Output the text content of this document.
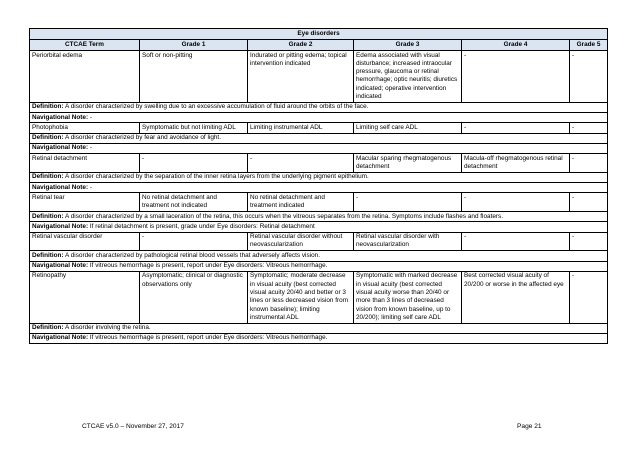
Eye disorders					
CTCAE Term	Grade 1	Grade 2	Grade 3	Grade 4	Grade 5
Periorbital edema	Soft or non-pitting	Indurated or pitting edema; topical intervention indicated	Edema associated with visual disturbance; increased intraocular pressure, glaucoma or retinal hemorrhage; optic neuritis; diuretics indicated; operative intervention indicated	-	-
Definition: A disorder characterized by swelling due to an excessive accumulation of fluid around the orbits of the face.					
Navigational Note: -					
Photophobia	Symptomatic but not limiting ADL	Limiting instrumental ADL	Limiting self care ADL	-	-
Definition: A disorder characterized by fear and avoidance of light.					
Navigational Note: -					
Retinal detachment	-	-	Macular sparing rhegmatogenous detachment	Macula-off rhegmatogenous retinal detachment	-
Definition: A disorder characterized by the separation of the inner retina layers from the underlying pigment epithelium.					
Navigational Note: -					
Retinal tear	No retinal detachment and treatment not indicated	No retinal detachment and treatment indicated	-	-	-
Definition: A disorder characterized by a small laceration of the retina, this occurs when the vitreous separates from the retina. Symptoms include flashes and floaters.					
Navigational Note: If retinal detachment is present, grade under Eye disorders: Retinal detachment					
Retinal vascular disorder	-	Retinal vascular disorder without neovascularization	Retinal vascular disorder with neovascularization	-	-
Definition: A disorder characterized by pathological retinal blood vessels that adversely affects vision.					
Navigational Note: If vitreous hemorrhage is present, report under Eye disorders: Vitreous hemorrhage.					
Retinopathy	Asymptomatic; clinical or diagnostic observations only	Symptomatic; moderate decrease in visual acuity (best corrected visual acuity 20/40 and better or 3 lines or less decreased vision from known baseline); limiting instrumental ADL	Symptomatic with marked decrease in visual acuity (best corrected visual acuity worse than 20/40 or more than 3 lines of decreased vision from known baseline, up to 20/200); limiting self care ADL	Best corrected visual acuity of 20/200 or worse in the affected eye	-
Definition: A disorder involving the retina.					
Navigational Note: If vitreous hemorrhage is present, report under Eye disorders: Vitreous hemorrhage.					
CTCAE v5.0 – November 27, 2017	Page 21
